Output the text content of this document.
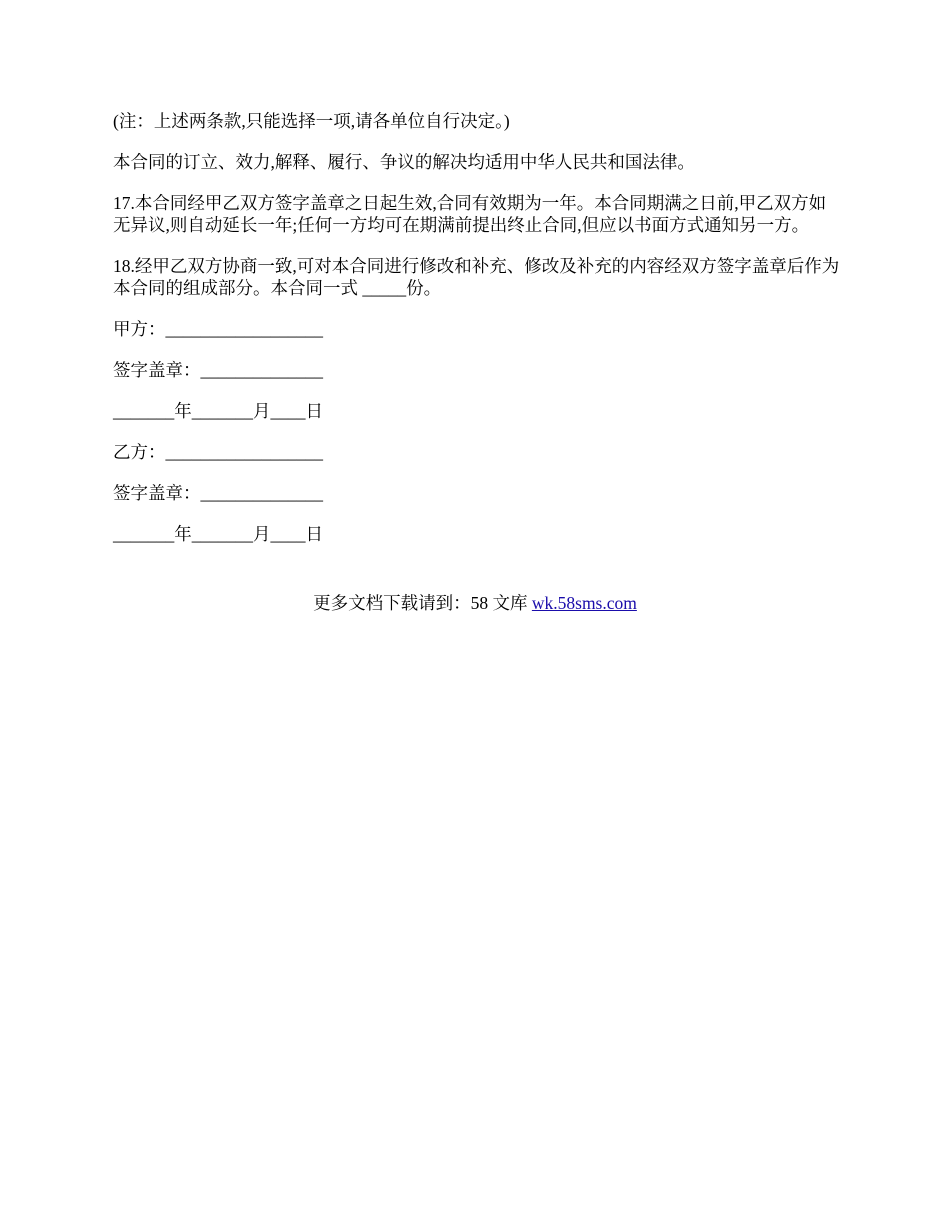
(注：上述两条款,只能选择一项,请各单位自行决定。)

本合同的订立、效力,解释、履行、争议的解决均适用中华人民共和国法律。

17.本合同经甲乙双方签字盖章之日起生效,合同有效期为一年。本合同期满之日前,甲乙双方如无异议,则自动延长一年;任何一方均可在期满前提出终止合同,但应以书面方式通知另一方。

18.经甲乙双方协商一致,可对本合同进行修改和补充、修改及补充的内容经双方签字盖章后作为本合同的组成部分。本合同一式 _____份。

甲方：__________________

签字盖章：______________

_______年_______月____日

乙方：__________________

签字盖章：______________

_______年_______月____日

更多文档下载请到：58 文库 wk.58sms.com
